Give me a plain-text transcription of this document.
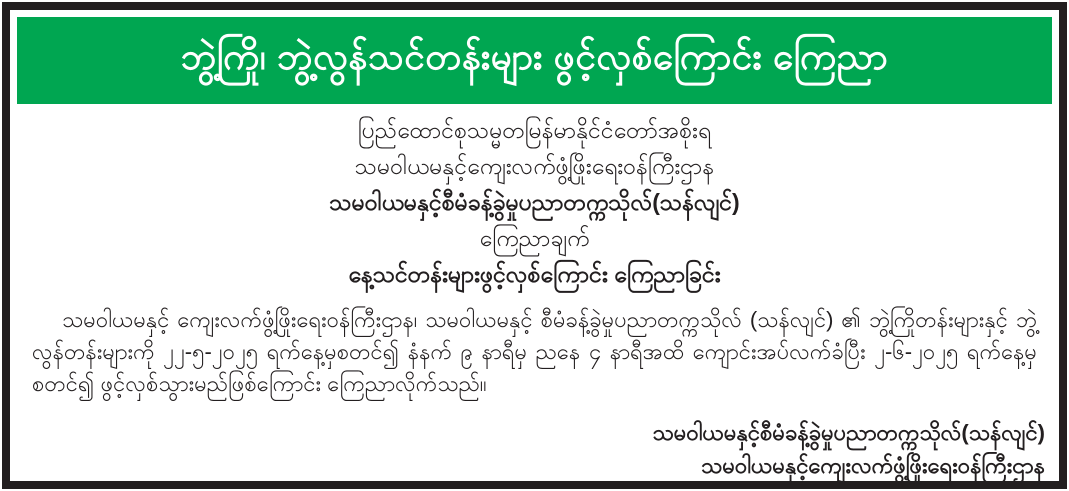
ဘွဲ့ကြို၊ ဘွဲ့လွန်သင်တန်းများ ဖွင့်လှစ်ကြောင်း ကြေညာ
ပြည်ထောင်စုသမ္မတမြန်မာနိုင်ငံတော်အစိုးရ
သမဝါယမနှင့်ကျေးလက်ဖွံ့ဖြိုးရေးဝန်ကြီးဌာန
သမဝါယမနှင့်စီမံခန့်ခွဲမှုပညာတက္ကသိုလ်(သန်လျင်)
ကြေညာချက်
နေ့သင်တန်းများဖွင့်လှစ်ကြောင်း ကြေညာခြင်း
သမဝါယမနှင့် ကျေးလက်ဖွံ့ဖြိုးရေးဝန်ကြီးဌာန၊ သမဝါယမနှင့် စီမံခန့်ခွဲမှုပညာတက္ကသိုလ် (သန်လျင်) ၏ ဘွဲ့ကြိုတန်းများနှင့် ဘွဲ့လွန်တန်းများကို ၂၂-၅-၂၀၂၅ ရက်နေ့မှစတင်၍ နံနက် ၉ နာရီမှ ညနေ ၄ နာရီအထိ ကျောင်းအပ်လက်ခံပြီး ၂-၆-၂၀၂၅ ရက်နေ့မှစတင်၍ ဖွင့်လှစ်သွားမည်ဖြစ်ကြောင်း ကြေညာလိုက်သည်။
သမဝါယမနှင့်စီမံခန့်ခွဲမှုပညာတက္ကသိုလ်(သန်လျင်)
သမဝါယမနှင့်ကျေးလက်ဖွံ့ဖြိုးရေးဝန်ကြီးဌာန
